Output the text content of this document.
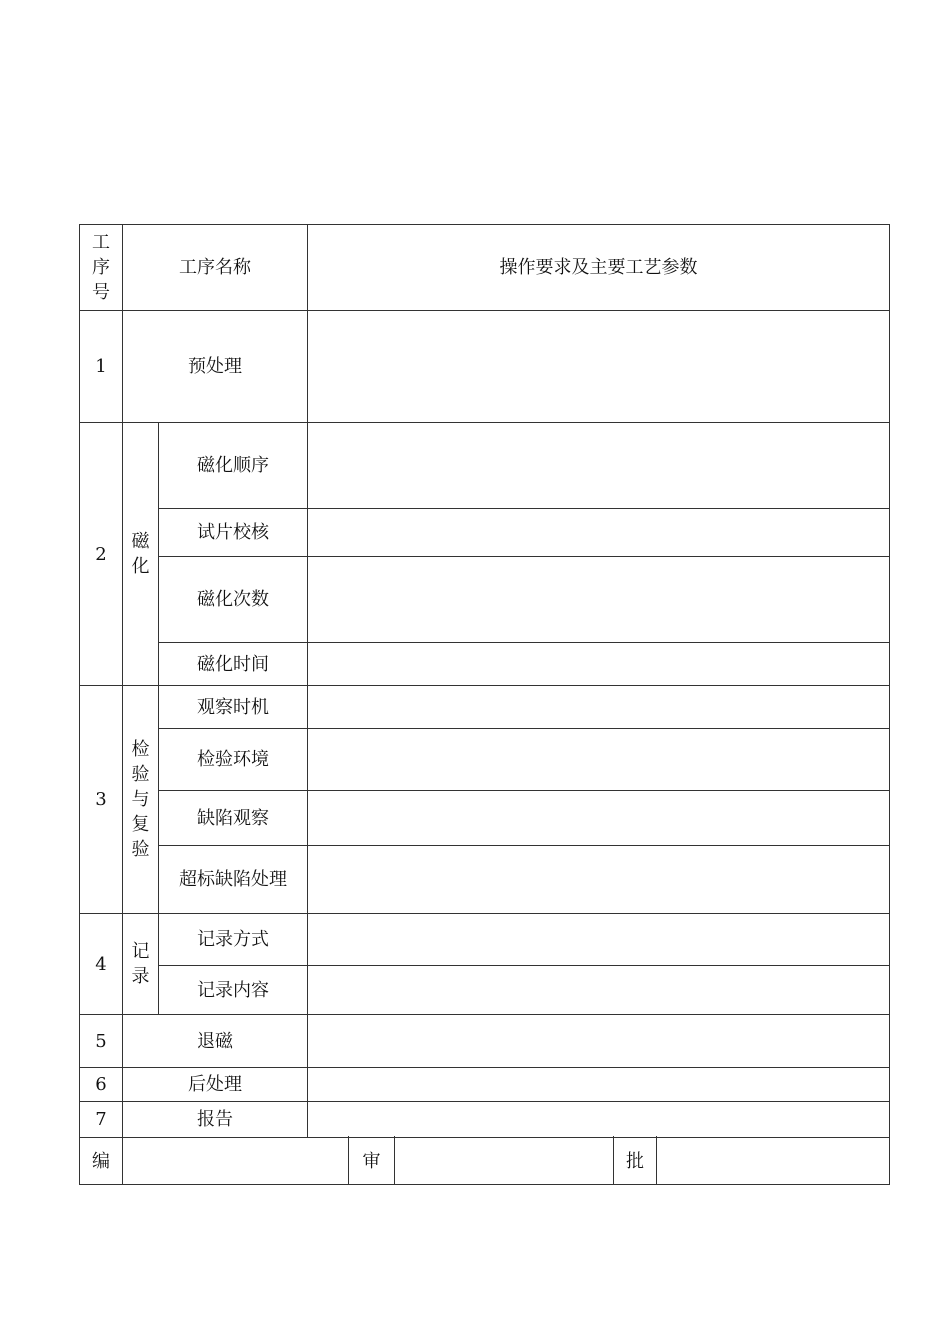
工序号	工序名称		操作要求及主要工艺参数
1	预处理		
2	磁化	磁化顺序	
		试片校核	
		磁化次数	
		磁化时间	
3	检验与复验	观察时机	
		检验环境	
		缺陷观察	
		超标缺陷处理	
4	记录	记录方式	
		记录内容	
5	退磁		
6	后处理		
7	报告		
编		审		批	
